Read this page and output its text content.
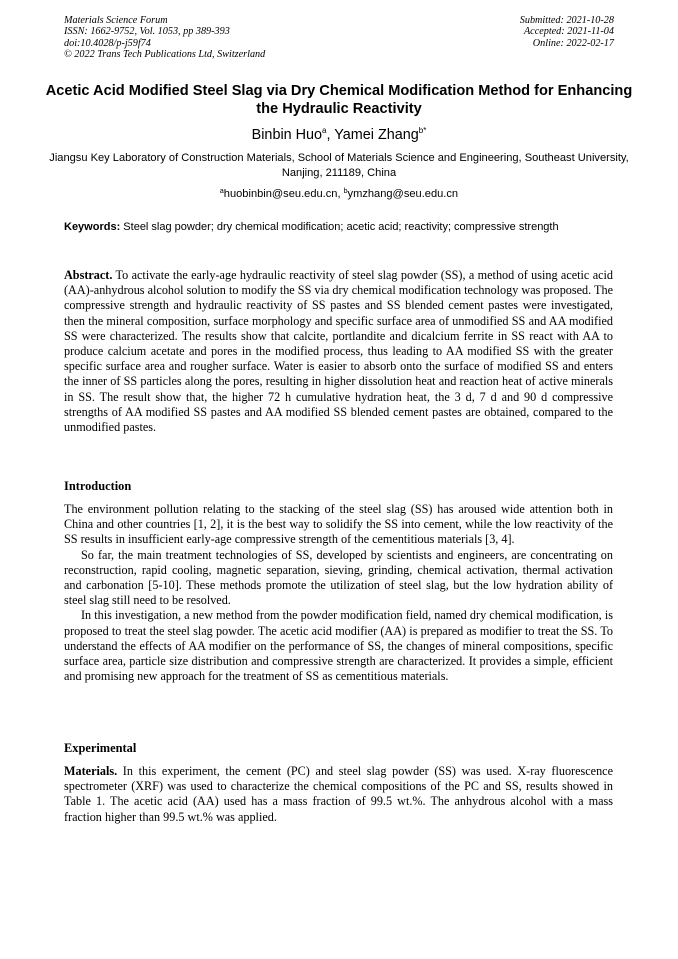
Materials Science Forum
ISSN: 1662-9752, Vol. 1053, pp 389-393
doi:10.4028/p-j59f74
© 2022 Trans Tech Publications Ltd, Switzerland
Submitted: 2021-10-28
Accepted: 2021-11-04
Online: 2022-02-17
Acetic Acid Modified Steel Slag via Dry Chemical Modification Method for Enhancing the Hydraulic Reactivity
Binbin Huo$^a$, Yamei Zhang$^{b*}$
Jiangsu Key Laboratory of Construction Materials, School of Materials Science and Engineering, Southeast University, Nanjing, 211189, China
$^a$huobinbin@seu.edu.cn, $^b$ymzhang@seu.edu.cn
Keywords: Steel slag powder; dry chemical modification; acetic acid; reactivity; compressive strength
Abstract. To activate the early-age hydraulic reactivity of steel slag powder (SS), a method of using acetic acid (AA)-anhydrous alcohol solution to modify the SS via dry chemical modification technology was proposed. The compressive strength and hydraulic reactivity of SS pastes and SS blended cement pastes were investigated, then the mineral composition, surface morphology and specific surface area of unmodified SS and AA modified SS were characterized. The results show that calcite, portlandite and dicalcium ferrite in SS react with AA to produce calcium acetate and pores in the modified process, thus leading to AA modified SS with the greater specific surface area and rougher surface. Water is easier to absorb onto the surface of modified SS and enters the inner of SS particles along the pores, resulting in higher dissolution heat and reaction heat of active minerals in SS. The result show that, the higher 72 h cumulative hydration heat, the 3 d, 7 d and 90 d compressive strengths of AA modified SS pastes and AA modified SS blended cement pastes are obtained, compared to the unmodified pastes.
Introduction

The environment pollution relating to the stacking of the steel slag (SS) has aroused wide attention both in China and other countries [1, 2], it is the best way to solidify the SS into cement, while the low reactivity of the SS results in insufficient early-age compressive strength of the cementitious materials [3, 4].

So far, the main treatment technologies of SS, developed by scientists and engineers, are concentrating on reconstruction, rapid cooling, magnetic separation, sieving, grinding, chemical activation, thermal activation and carbonation [5-10]. These methods promote the utilization of steel slag, but the low hydration ability of steel slag still need to be resolved.

In this investigation, a new method from the powder modification field, named dry chemical modification, is proposed to treat the steel slag powder. The acetic acid modifier (AA) is prepared as modifier to treat the SS. To understand the effects of AA modifier on the performance of SS, the changes of mineral compositions, specific surface area, particle size distribution and compressive strength are characterized. It provides a simple, efficient and promising new approach for the treatment of SS as cementitious materials.

Experimental
Materials. In this experiment, the cement (PC) and steel slag powder (SS) was used. X-ray fluorescence spectrometer (XRF) was used to characterize the chemical compositions of the PC and SS, results showed in Table 1. The acetic acid (AA) used has a mass fraction of 99.5 wt.%. The anhydrous alcohol with a mass fraction higher than 99.5 wt.% was applied.
